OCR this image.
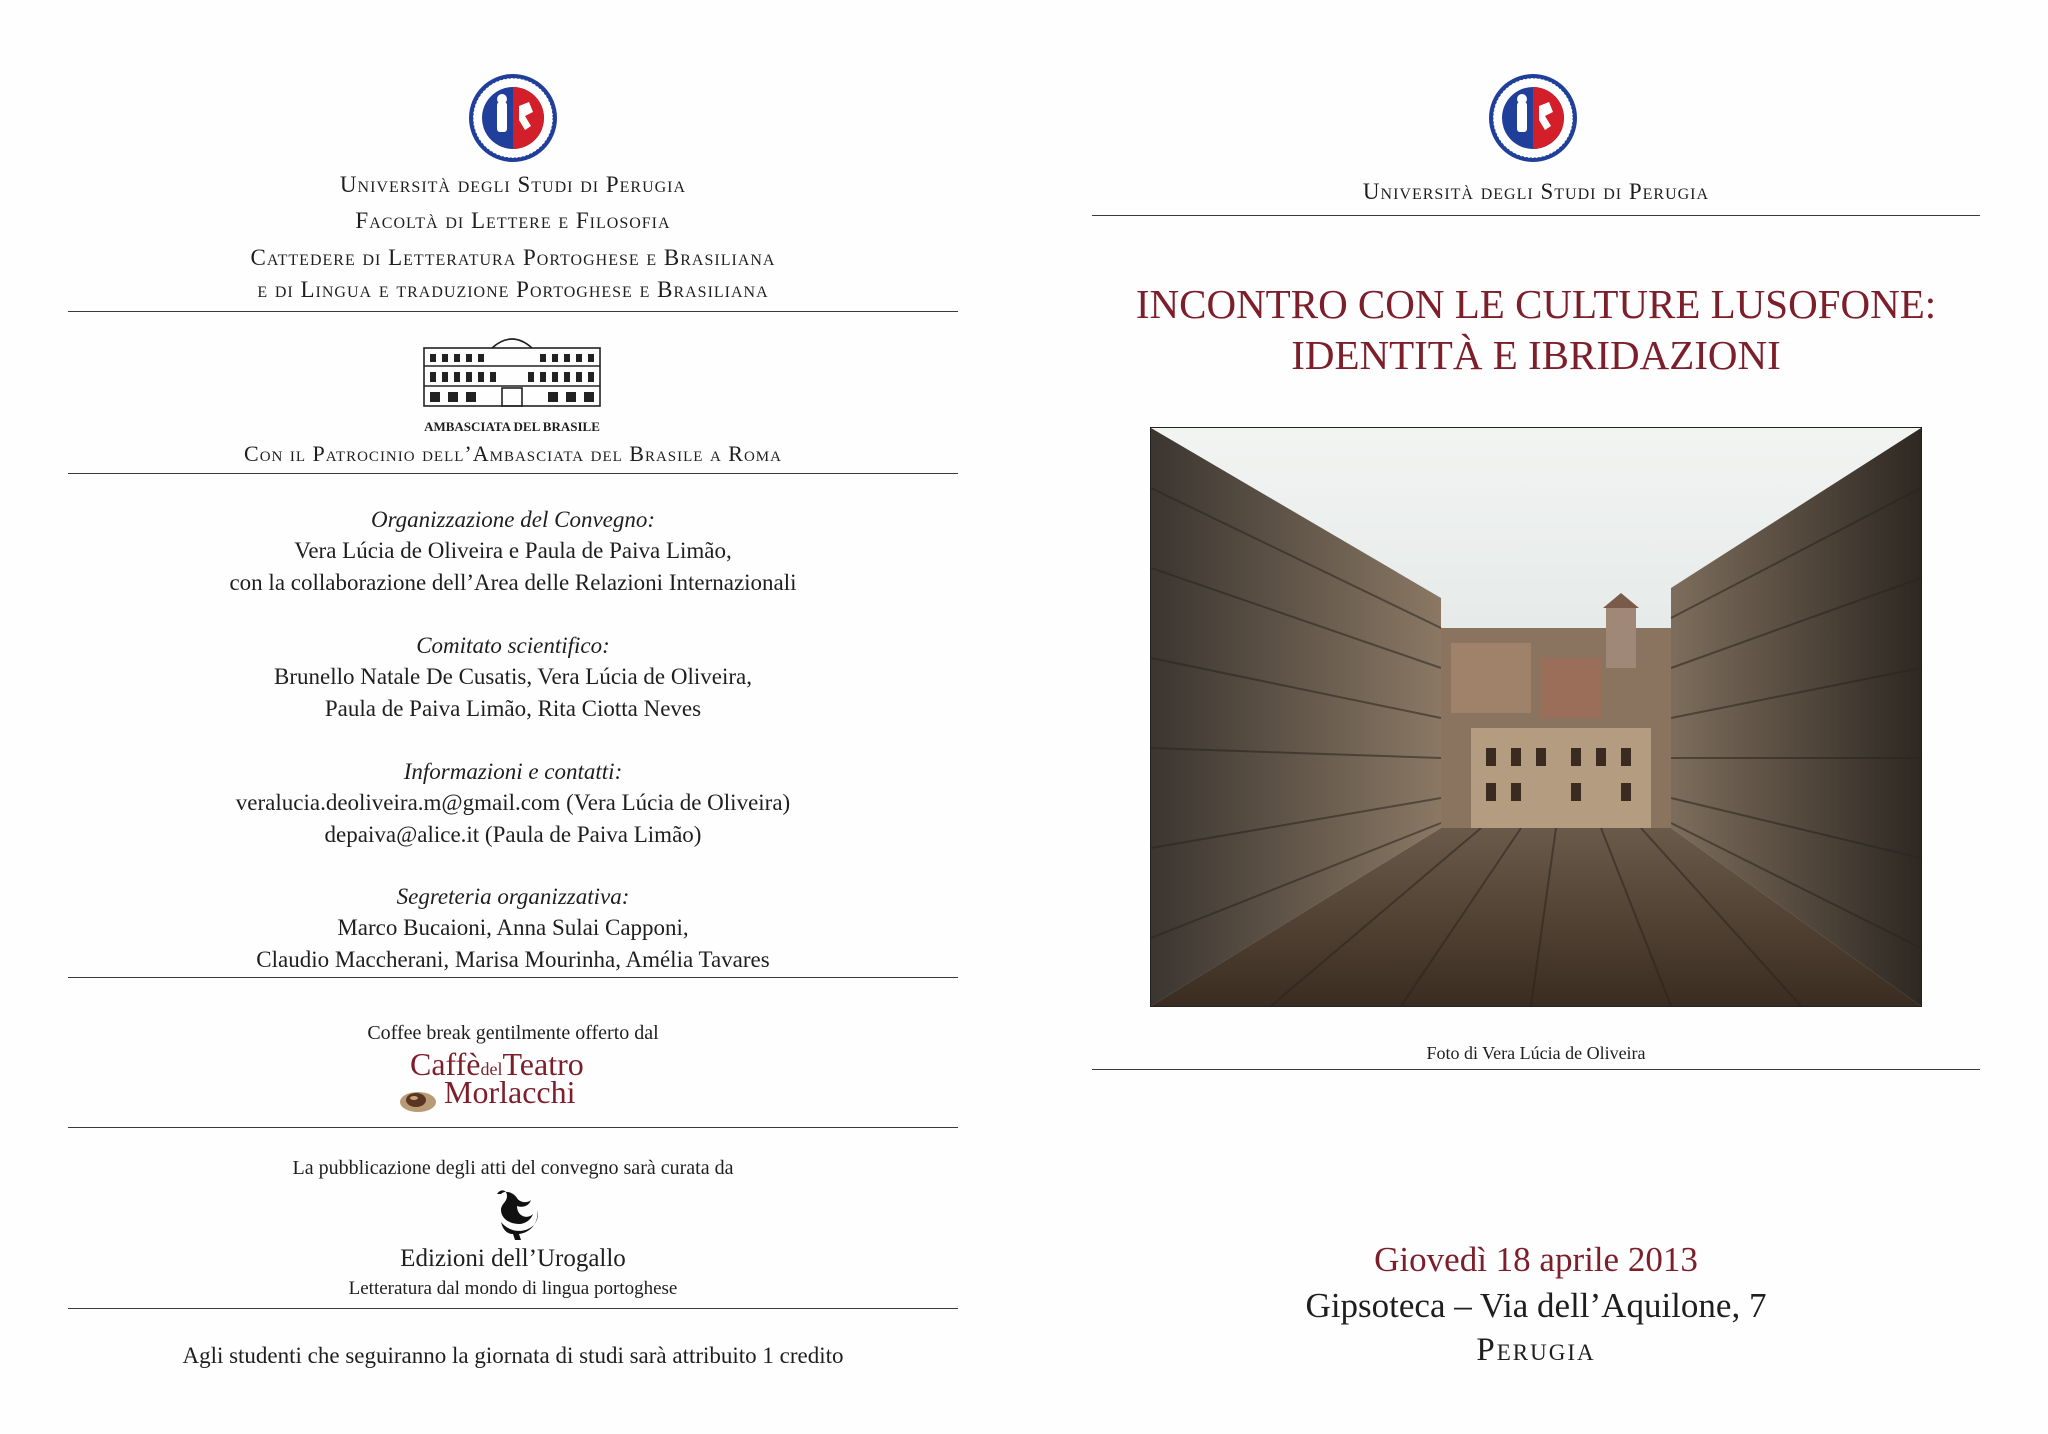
Università degli Studi di Perugia
Facoltà di Lettere e Filosofia
Cattedere di Letteratura Portoghese e Brasiliana
e di Lingua e traduzione Portoghese e Brasiliana
AMBASCIATA DEL BRASILE
Con il Patrocinio dell’Ambasciata del Brasile a Roma
Organizzazione del Convegno:
Vera Lúcia de Oliveira e Paula de Paiva Limão,
con la collaborazione dell’Area delle Relazioni Internazionali
Comitato scientifico:
Brunello Natale De Cusatis, Vera Lúcia de Oliveira,
Paula de Paiva Limão, Rita Ciotta Neves
Informazioni e contatti:
veralucia.deoliveira.m@gmail.com (Vera Lúcia de Oliveira)
depaiva@alice.it (Paula de Paiva Limão)
Segreteria organizzativa:
Marco Bucaioni, Anna Sulai Capponi,
Claudio Maccherani, Marisa Mourinha, Amélia Tavares
Coffee break gentilmente offerto dal
CaffèdelTeatro
Morlacchi
La pubblicazione degli atti del convegno sarà curata da
Edizioni dell’Urogallo
Letteratura dal mondo di lingua portoghese
Agli studenti che seguiranno la giornata di studi sarà attribuito 1 credito
Università degli Studi di Perugia
INCONTRO CON LE CULTURE LUSOFONE:
IDENTITÀ E IBRIDAZIONI
Foto di Vera Lúcia de Oliveira
Giovedì 18 aprile 2013
Gipsoteca – Via dell’Aquilone, 7
Perugia
